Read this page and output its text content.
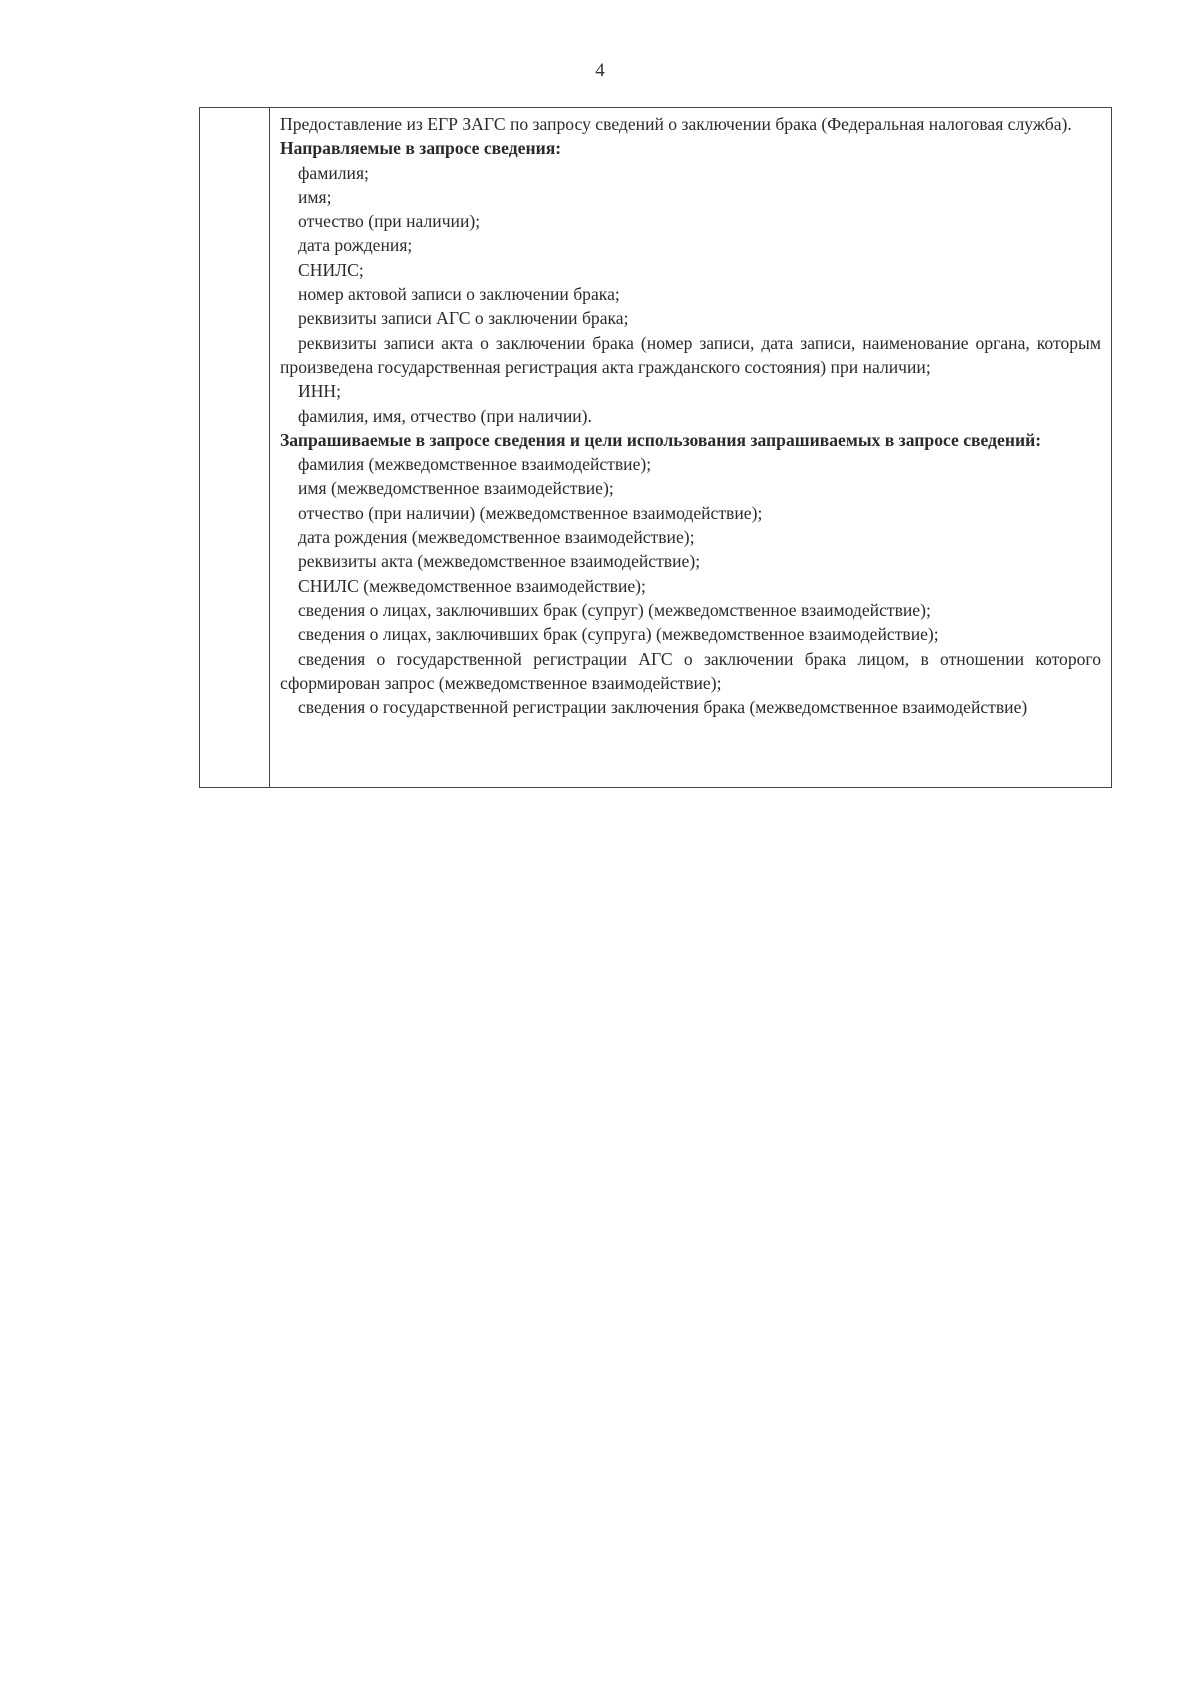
4

Предоставление из ЕГР ЗАГС по запросу сведений о заключении брака (Федеральная налоговая служба).

Направляемые в запросе сведения:

фамилия;

имя;

отчество (при наличии);

дата рождения;

СНИЛС;

номер актовой записи о заключении брака;

реквизиты записи АГС о заключении брака;

реквизиты записи акта о заключении брака (номер записи, дата записи, наименование органа, которым произведена государственная регистрация акта гражданского состояния) при наличии;

ИНН;

фамилия, имя, отчество (при наличии).

Запрашиваемые в запросе сведения и цели использования запрашиваемых в запросе сведений:

фамилия (межведомственное взаимодействие);

имя (межведомственное взаимодействие);

отчество (при наличии) (межведомственное взаимодействие);

дата рождения (межведомственное взаимодействие);

реквизиты акта (межведомственное взаимодействие);

СНИЛС (межведомственное взаимодействие);

сведения о лицах, заключивших брак (супруг) (межведомственное взаимодействие);

сведения о лицах, заключивших брак (супруга) (межведомственное взаимодействие);

сведения о государственной регистрации АГС о заключении брака лицом, в отношении которого сформирован запрос (межведомственное взаимодействие);

сведения о государственной регистрации заключения брака (межведомственное взаимодействие)
